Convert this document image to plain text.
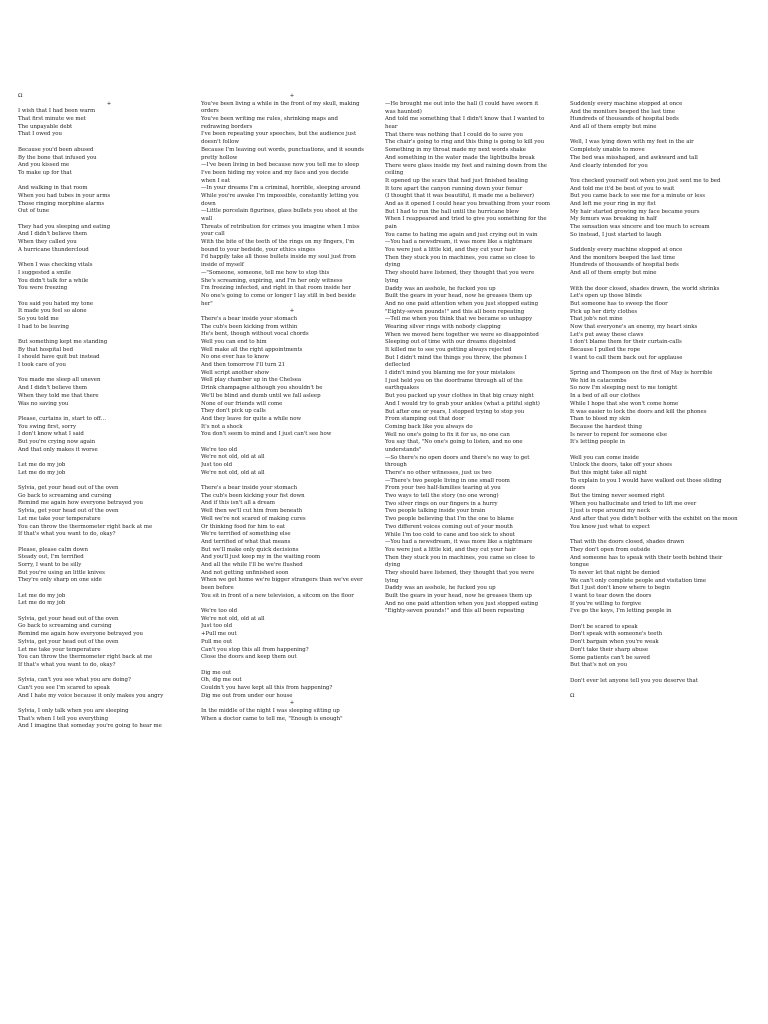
Ω
+
I wish that I had been warm
That first minute we met
The unpayable debt
That I owed you
Because you'd been abused
By the bone that infused you
And you kissed me
To make up for that
And walking in that room
When you had tubes in your arms
Those ringing morphine alarms
Out of tune
They had you sleeping and eating
And I didn't believe them
When they called you
A hurricane thundercloud
When I was checking vitals
I suggested a smile
You didn't talk for a while
You were freezing
You said you hated my tone
It made you feel so alone
So you told me
I had to be leaving
But something kept me standing
By that hospital bed
I should have quit but instead
I took care of you
You made me sleep all uneven
And I didn't believe them
When they told me that there
Was no saving you
Please, curtains in, start to off…
You swing first, sorry
I don't know what I said
But you're crying now again
And that only makes it worse
Let me do my job
Let me do my job
Sylvia, get your head out of the oven
Go back to screaming and cursing
Remind me again how everyone betrayed you
Sylvia, get your head out of the oven
Let me take your temperature
You can throw the thermometer right back at me
If that's what you want to do, okay?
Please, please calm down
Steady out, I'm terrified
Sorry, I want to be silly
But you're using an little knives
They're only sharp on one side
Let me do my job
Let me do my job
Sylvia, get your head out of the oven
Go back to screaming and cursing
Remind me again how everyone betrayed you
Sylvia, get your head out of the oven
Let me take your temperature
You can throw the thermometer right back at me
If that's what you want to do, okay?
Sylvia, can't you see what you are doing?
Can't you see I'm scared to speak
And I hate my voice because it only makes you angry
Sylvia, I only talk when you are sleeping
That's when I tell you everything
And I imagine that someday you're going to hear me
+
You've been living a while in the front of my skull, making
orders
You've been writing me rules, shrinking maps and
redrawing borders
I've been repeating your speeches, but the audience just
doesn't follow
Because I'm leaving out words, punctuations, and it sounds
pretty hollow
—I've been living in bed because now you tell me to sleep
I've been hiding my voice and my face and you decide
when I eat
—In your dreams I'm a criminal, horrible, sleeping around
While you're awake I'm impossible, constantly letting you
down
—Little porcelain figurines, glass bullets you shoot at the
wall
Threats of retribution for crimes you imagine when I miss
your call
With the bite of the teeth of the rings on my fingers, I'm
bound to your bedside, your ethics singes
I'd happily take all those bullets inside my soul just from
inside of myself
—"Someone, someone, tell me how to stop this
She's screaming, expiring, and I'm her only witness
I'm freezing infected, and right in that room inside her
No one's going to come or longer I lay still in bed beside
her"
+
There's a bear inside your stomach
The cub's been kicking from within
He's bent, though without vocal chords
Well you can end to him
Well make all the right appointments
No one ever has to know
And then tomorrow I'll turn 21
Well script another show
Well play chamber up in the Chelsea
Drink champagne although you shouldn't be
We'll be blind and dumb until we fall asleep
None of our friends will come
They don't pick up calls
And they leave for quite a while now
It's not a shock
You don't seem to mind and I just can't see how
We're too old
We're not old, old at all
Just too old
We're not old, old at all
There's a bear inside your stomach
The cub's been kicking your fist down
And if this isn't all a dream
Well then we'll cut him from beneath
Well we're not scared of making cures
Or thinking food for him to eat
We're terrified of something else
And terrified of what that means
But we'll make only quick decisions
And you'll just keep my in the waiting room
And all the while I'll be we're flushed
And not getting unfinished soon
When we get home we're bigger strangers than we've ever
been before
You sit in front of a new television, a sitcom on the floor
We're too old
We're not old, old at all
Just too old
+Pull me out
Pull me out
Can't you stop this all from happening?
Close the doors and keep them out
Dig me out
Oh, dig me out
Couldn't you have kept all this from happening?
Dig me out from under our house
+
In the middle of the night I was sleeping sitting up
When a doctor came to tell me, "Enough is enough"
—He brought me out into the hall (I could have sworn it
was haunted)
And told me something that I didn't know that I wanted to
hear
That there was nothing that I could do to save you
The chair's going to ring and this thing is going to kill you
Something in my throat made my next words shake
And something in the water made the lightbulbs break
There were glass inside my feet and raining down from the
ceiling
It opened up the scars that had just finished healing
It tore apart the canyon running down your femur
(I thought that it was beautiful, it made me a believer)
And as it opened I could hear you breathing from your room
But I had to run the hall until the hurricane blew
When I reappeared and tried to give you something for the
pain
You came to hating me again and just crying out in vain
—You had a newsdream, it was more like a nightmare
You were just a little kid, and they cut your hair
Then they stuck you in machines, you came so close to
dying
They should have listened, they thought that you were
lying
Daddy was an asshole, he fucked you up
Built the gears in your head, now he greases them up
And no one paid attention when you just stopped eating
"Eighty-seven pounds!" and this all been repeating
—Tell me when you think that we became so unhappy
Wearing silver rings with nobody clapping
When we moved here together we were so disappointed
Sleeping out of time with our dreams disjointed
It killed me to see you getting always rejected
But I didn't mind the things you threw, the phones I
deflected
I didn't mind you blaming me for your mistakes
I just held you on the doorframe through all of the
earthquakes
But you packed up your clothes in that big crazy night
And I would try to grab your ankles (what a pitiful sight)
But after one or years, I stopped trying to stop you
From stamping out that door
Coming back like you always do
Well no one's going to fix it for us, no one can
You say that, "No one's going to listen, and no one
understands"
—So there's no open doors and there's no way to get
through
There's no other witnesses, just us two
—There's two people living in one small room
From your two half-families tearing at you
Two ways to tell the story (no one wrong)
Two silver rings on our fingers in a hurry
Two people talking inside your brain
Two people believing that I'm the one to blame
Two different voices coming out of your mouth
While I'm too cold to cane and too sick to shout
—You had a newsdream, it was more like a nightmare
You were just a little kid, and they cut your hair
Then they stuck you in machines, you came so close to
dying
They should have listened, they thought that you were
lying
Daddy was an asshole, he fucked you up
Built the gears in your head, now he greases them up
And no one paid attention when you just stopped eating
"Eighty-seven pounds!" and this all been repeating
Suddenly every machine stopped at once
And the monitors beeped the last time
Hundreds of thousands of hospital beds
And all of them empty but mine
Well, I was lying down with my feet in the air
Completely unable to move
The bed was misshaped, and awkward and tall
And clearly intended for you
You checked yourself out when you just sent me to bed
And told me it'd be best of you to wait
But you came back to see me for a minute or less
And left me your ring in my fist
My hair started growing my face became yours
My femurs was breaking in half
The sensation was sincere and too much to scream
So instead, I just started to laugh
Suddenly every machine stopped at once
And the monitors beeped the last time
Hundreds of thousands of hospital beds
And all of them empty but mine
With the door closed, shades drawn, the world shrinks
Let's open up those blinds
But someone has to sweep the floor
Pick up her dirty clothes
That job's not mine
Now that everyone's an enemy, my heart sinks
Let's put away these claws
I don't blame them for their curtain-calls
Because I pulled the rope
I want to call them back out for applause
Spring and Thompson on the first of May is horrible
We hid in catacombs
So now I'm sleeping next to me tonight
In a bed of all our clothes
While I hope that she won't come home
It was easier to lock the doors and kill the phones
Than to bleed my skin
Because the hardest thing
Is never to repent for someone else
It's letting people in
Well you can come inside
Unlock the doors, take off your shoes
But this might take all night
To explain to you I would have walked out those sliding
doors
But the timing never seemed right
When you hallucinate and tried to lift me over
I just is rope around my neck
And after that you didn't bother with the exhibit on the moon
You know just what to expect
That with the doors closed, shades drawn
They don't open from outside
And someone has to speak with their teeth behind their
tongue
To never let that night be denied
We can't only complete people and visitation time
But I just don't know where to begin
I want to tear down the doors
If you're willing to forgive
I've go the keys, I'm letting people in
Don't be scared to speak
Don't speak with someone's teeth
Don't bargain when you're weak
Don't take their sharp abuse
Some patients can't be saved
But that's not on you
Don't ever let anyone tell you you deserve that
Ω
